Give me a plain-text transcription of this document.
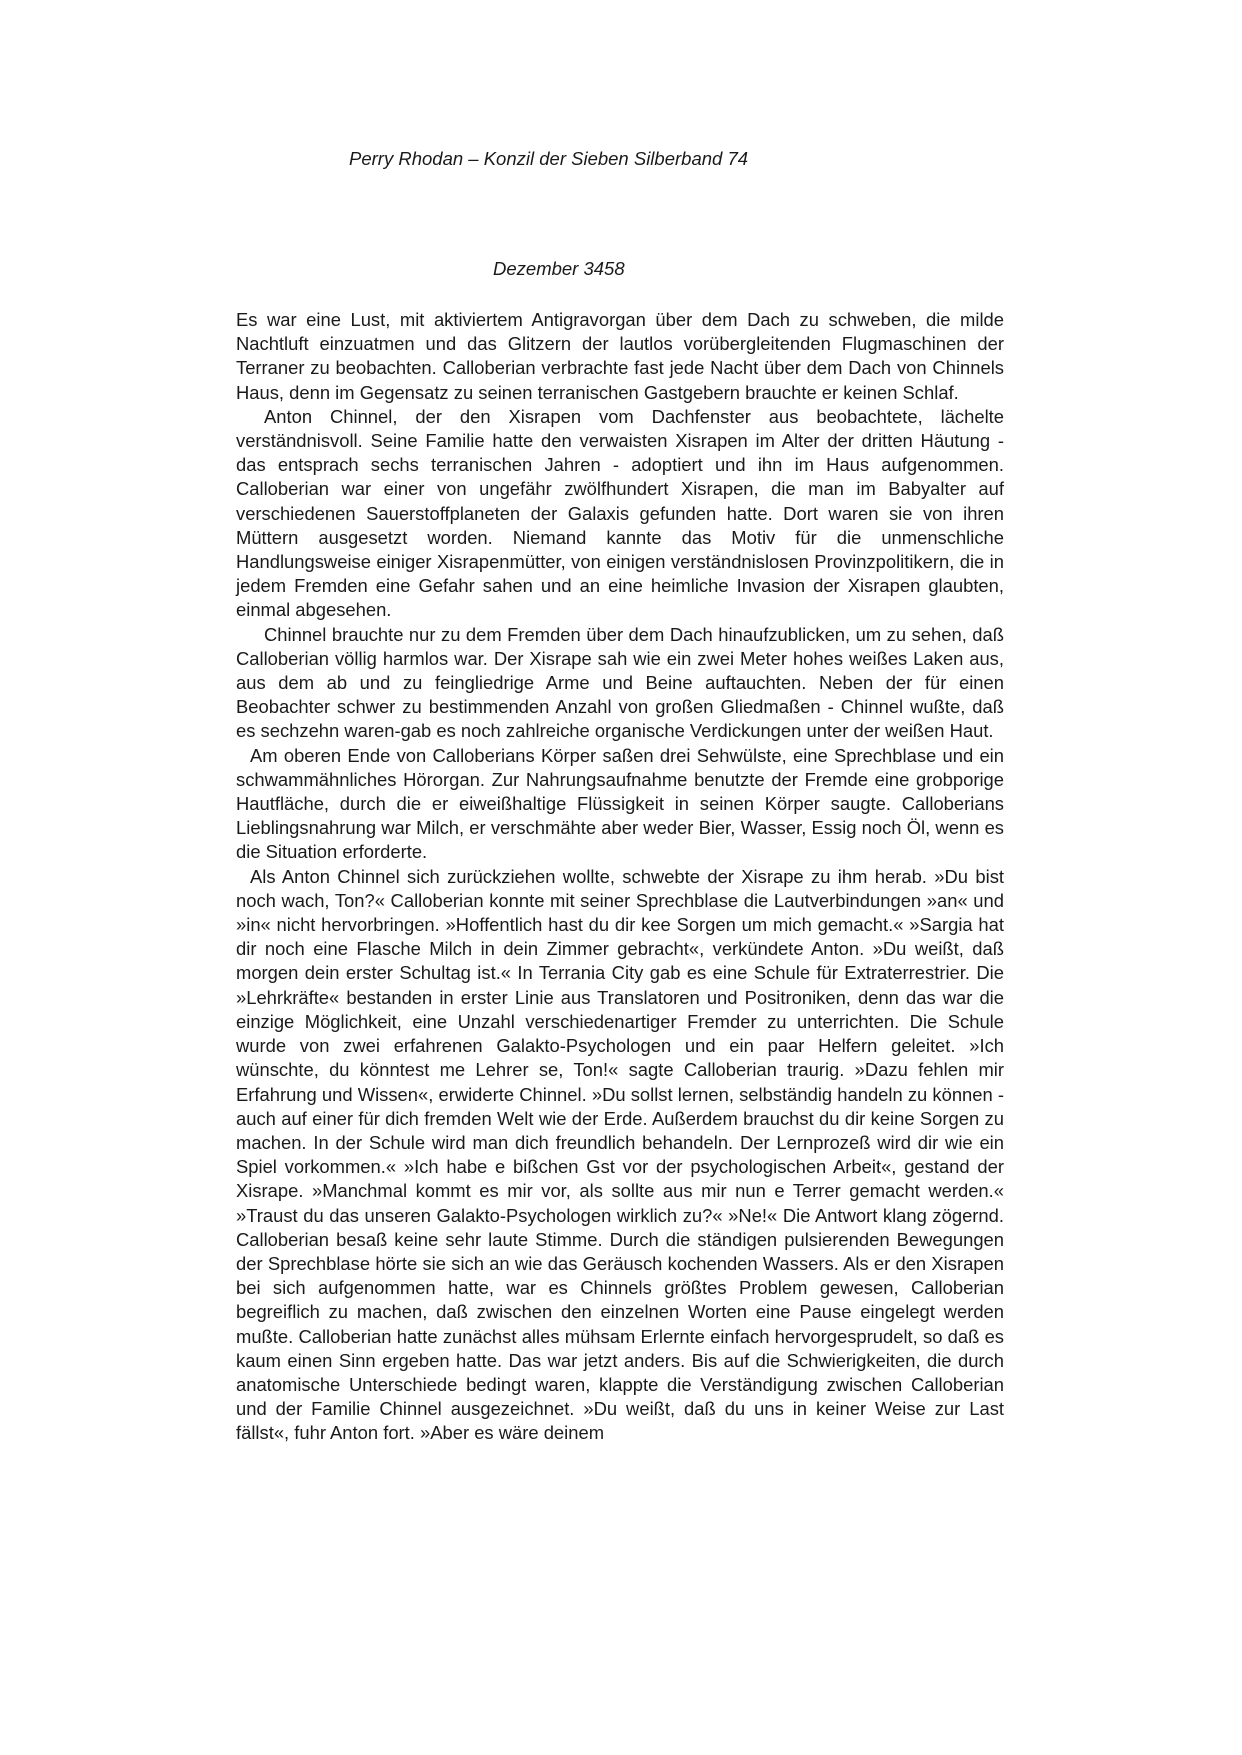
Perry Rhodan – Konzil der Sieben Silberband 74
Dezember 3458

Es war eine Lust, mit aktiviertem Antigravorgan über dem Dach zu schweben, die milde Nachtluft einzuatmen und das Glitzern der lautlos vorübergleitenden Flugmaschinen der Terraner zu beobachten. Calloberian verbrachte fast jede Nacht über dem Dach von Chinnels Haus, denn im Gegensatz zu seinen terranischen Gastgebern brauchte er keinen Schlaf.

Anton Chinnel, der den Xisrapen vom Dachfenster aus beobachtete, lächelte verständnisvoll. Seine Familie hatte den verwaisten Xisrapen im Alter der dritten Häutung - das entsprach sechs terranischen Jahren - adoptiert und ihn im Haus aufgenommen. Calloberian war einer von ungefähr zwölfhundert Xisrapen, die man im Babyalter auf verschiedenen Sauerstoffplaneten der Galaxis gefunden hatte. Dort waren sie von ihren Müttern ausgesetzt worden. Niemand kannte das Motiv für die unmenschliche Handlungsweise einiger Xisrapenmütter, von einigen verständnislosen Provinzpolitikern, die in jedem Fremden eine Gefahr sahen und an eine heimliche Invasion der Xisrapen glaubten, einmal abgesehen.

Chinnel brauchte nur zu dem Fremden über dem Dach hinaufzublicken, um zu sehen, daß Calloberian völlig harmlos war. Der Xisrape sah wie ein zwei Meter hohes weißes Laken aus, aus dem ab und zu feingliedrige Arme und Beine auftauchten. Neben der für einen Beobachter schwer zu bestimmenden Anzahl von großen Gliedmaßen - Chinnel wußte, daß es sechzehn waren-gab es noch zahlreiche organische Verdickungen unter der weißen Haut.

Am oberen Ende von Calloberians Körper saßen drei Sehwülste, eine Sprechblase und ein schwammähnliches Hörorgan. Zur Nahrungsaufnahme benutzte der Fremde eine grobporige Hautfläche, durch die er eiweißhaltige Flüssigkeit in seinen Körper saugte. Calloberians Lieblingsnahrung war Milch, er verschmähte aber weder Bier, Wasser, Essig noch Öl, wenn es die Situation erforderte.

Als Anton Chinnel sich zurückziehen wollte, schwebte der Xisrape zu ihm herab. »Du bist noch wach, Ton?« Calloberian konnte mit seiner Sprechblase die Lautverbindungen »an« und »in« nicht hervorbringen. »Hoffentlich hast du dir kee Sorgen um mich gemacht.« »Sargia hat dir noch eine Flasche Milch in dein Zimmer gebracht«, verkündete Anton. »Du weißt, daß morgen dein erster Schultag ist.« In Terrania City gab es eine Schule für Extraterrestrier. Die »Lehrkräfte« bestanden in erster Linie aus Translatoren und Positroniken, denn das war die einzige Möglichkeit, eine Unzahl verschiedenartiger Fremder zu unterrichten. Die Schule wurde von zwei erfahrenen Galakto-Psychologen und ein paar Helfern geleitet. »Ich wünschte, du könntest me Lehrer se, Ton!« sagte Calloberian traurig. »Dazu fehlen mir Erfahrung und Wissen«, erwiderte Chinnel. »Du sollst lernen, selbständig handeln zu können - auch auf einer für dich fremden Welt wie der Erde. Außerdem brauchst du dir keine Sorgen zu machen. In der Schule wird man dich freundlich behandeln. Der Lernprozeß wird dir wie ein Spiel vorkommen.« »Ich habe e bißchen Gst vor der psychologischen Arbeit«, gestand der Xisrape. »Manchmal kommt es mir vor, als sollte aus mir nun e Terrer gemacht werden.« »Traust du das unseren Galakto-Psychologen wirklich zu?« »Ne!« Die Antwort klang zögernd. Calloberian besaß keine sehr laute Stimme. Durch die ständigen pulsierenden Bewegungen der Sprechblase hörte sie sich an wie das Geräusch kochenden Wassers. Als er den Xisrapen bei sich aufgenommen hatte, war es Chinnels größtes Problem gewesen, Calloberian begreiflich zu machen, daß zwischen den einzelnen Worten eine Pause eingelegt werden mußte. Calloberian hatte zunächst alles mühsam Erlernte einfach hervorgesprudelt, so daß es kaum einen Sinn ergeben hatte. Das war jetzt anders. Bis auf die Schwierigkeiten, die durch anatomische Unterschiede bedingt waren, klappte die Verständigung zwischen Calloberian und der Familie Chinnel ausgezeichnet. »Du weißt, daß du uns in keiner Weise zur Last fällst«, fuhr Anton fort. »Aber es wäre deinem
